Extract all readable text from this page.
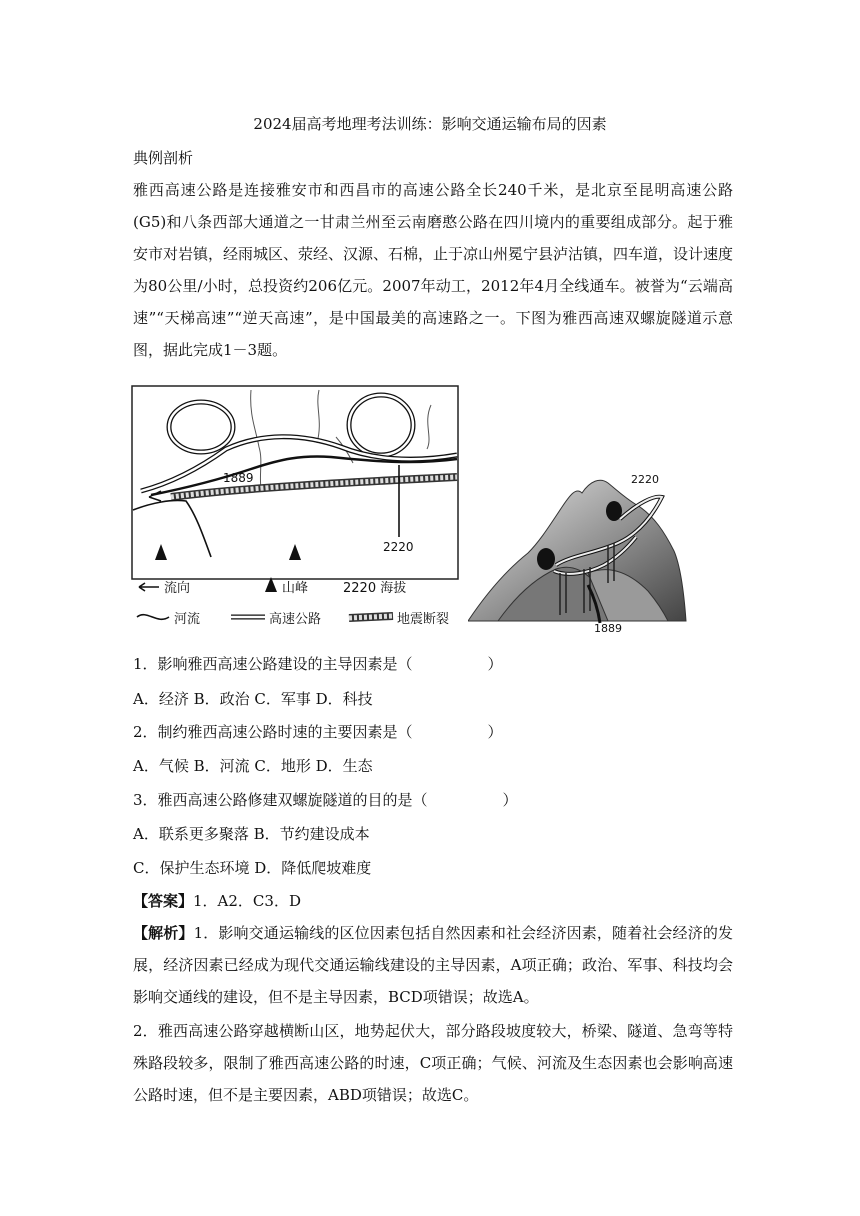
2024届高考地理考法训练：影响交通运输布局的因素
典例剖析
雅西高速公路是连接雅安市和西昌市的高速公路全长240千米，是北京至昆明高速公路(G5)和八条西部大通道之一甘肃兰州至云南磨憨公路在四川境内的重要组成部分。起于雅安市对岩镇，经雨城区、荥经、汉源、石棉，止于凉山州冕宁县泸沽镇，四车道，设计速度为80公里/小时，总投资约206亿元。2007年动工，2012年4月全线通车。被誉为“云端高速”“天梯高速”“逆天高速”，是中国最美的高速路之一。下图为雅西高速双螺旋隧道示意图，据此完成1－3题。
1889
2220
流向	山峰	2220 海拔
河流	高速公路	地震断裂
2220
1889
1．影响雅西高速公路建设的主导因素是（　　　　　）
A．经济 B．政治 C．军事 D．科技
2．制约雅西高速公路时速的主要因素是（　　　　　）
A．气候 B．河流 C．地形 D．生态
3．雅西高速公路修建双螺旋隧道的目的是（　　　　　）
A．联系更多聚落 B．节约建设成本
C．保护生态环境 D．降低爬坡难度
【答案】1．A2．C3．D
【解析】1．影响交通运输线的区位因素包括自然因素和社会经济因素，随着社会经济的发展，经济因素已经成为现代交通运输线建设的主导因素，A项正确；政治、军事、科技均会影响交通线的建设，但不是主导因素，BCD项错误；故选A。
2．雅西高速公路穿越横断山区，地势起伏大，部分路段坡度较大，桥梁、隧道、急弯等特殊路段较多，限制了雅西高速公路的时速，C项正确；气候、河流及生态因素也会影响高速公路时速，但不是主要因素，ABD项错误；故选C。
